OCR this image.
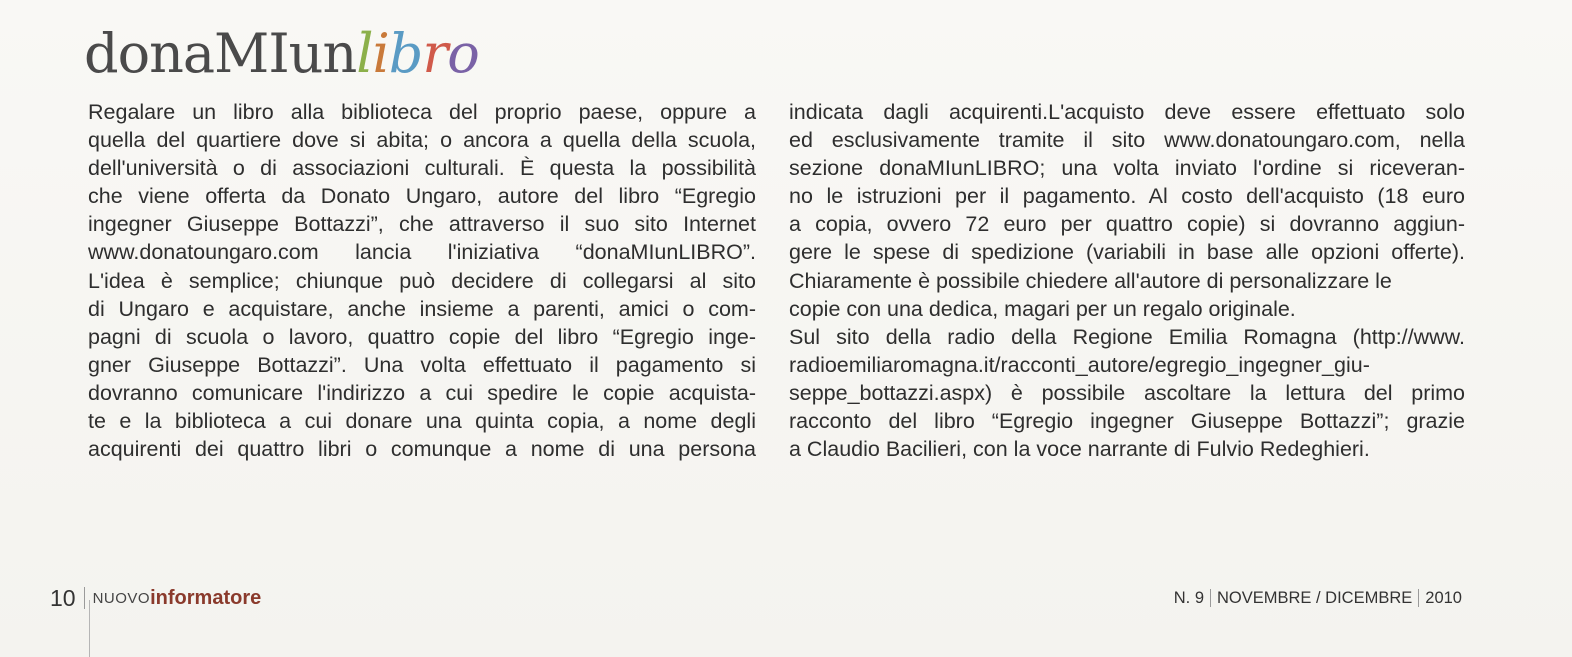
donaMIunlibro
Regalare un libro alla biblioteca del proprio paese, oppure a
quella del quartiere dove si abita; o ancora a quella della scuola,
dell'università o di associazioni culturali. È questa la possibilità
che viene offerta da Donato Ungaro, autore del libro “Egregio
ingegner Giuseppe Bottazzi”, che attraverso il suo sito Internet
www.donatoungaro.com lancia l'iniziativa “donaMIunLIBRO”.
L'idea è semplice; chiunque può decidere di collegarsi al sito
di Ungaro e acquistare, anche insieme a parenti, amici o com-
pagni di scuola o lavoro, quattro copie del libro “Egregio inge-
gner Giuseppe Bottazzi”. Una volta effettuato il pagamento si
dovranno comunicare l'indirizzo a cui spedire le copie acquista-
te e la biblioteca a cui donare una quinta copia, a nome degli
acquirenti dei quattro libri o comunque a nome di una persona
indicata dagli acquirenti.L'acquisto deve essere effettuato solo
ed esclusivamente tramite il sito www.donatoungaro.com, nella
sezione donaMIunLIBRO; una volta inviato l'ordine si riceveran-
no le istruzioni per il pagamento. Al costo dell'acquisto (18 euro
a copia, ovvero 72 euro per quattro copie) si dovranno aggiun-
gere le spese di spedizione (variabili in base alle opzioni offerte).
Chiaramente è possibile chiedere all'autore di personalizzare le
copie con una dedica, magari per un regalo originale.
Sul sito della radio della Regione Emilia Romagna (http://www.
radioemiliaromagna.it/racconti_autore/egregio_ingegner_giu-
seppe_bottazzi.aspx) è possibile ascoltare la lettura del primo
racconto del libro “Egregio ingegner Giuseppe Bottazzi”; grazie
a Claudio Bacilieri, con la voce narrante di Fulvio Redeghieri.
10 NUOVO informatore	N. 9 NOVEMBRE / DICEMBRE 2010
